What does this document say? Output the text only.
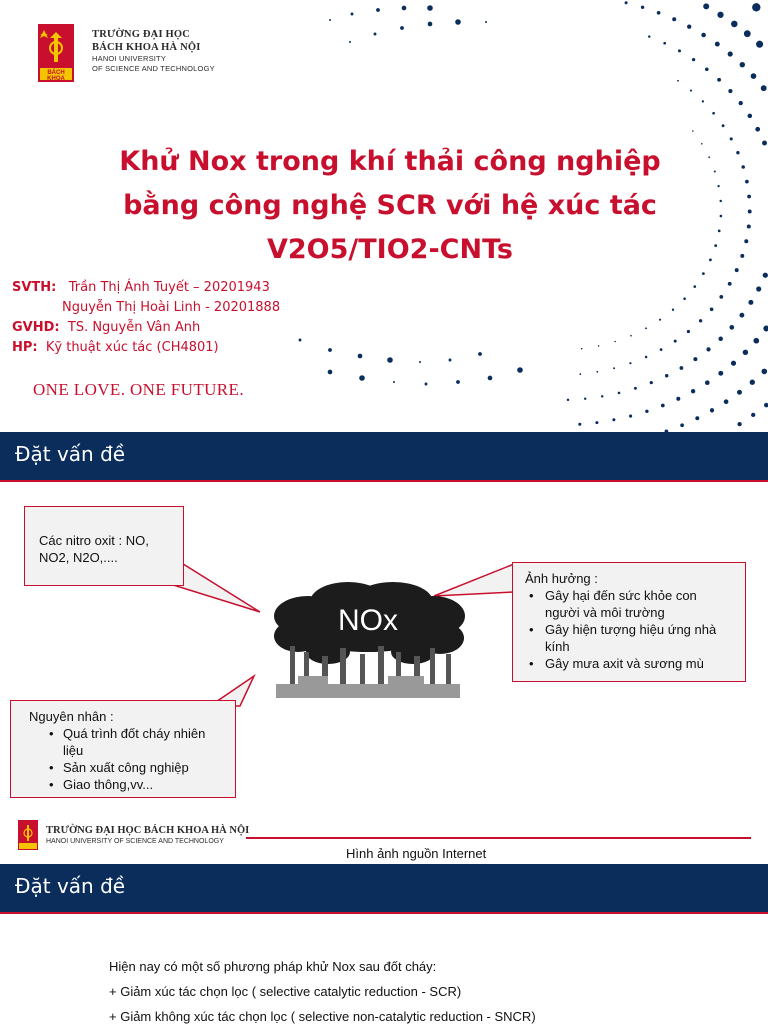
BÁCH KHOA
TRƯỜNG ĐẠI HỌC
BÁCH KHOA HÀ NỘI
HANOI UNIVERSITY
OF SCIENCE AND TECHNOLOGY
Khử Nox trong khí thải công nghiệp
bằng công nghệ SCR với hệ xúc tác
V2O5/TIO2-CNTs
SVTH: Trần Thị Ánh Tuyết – 20201943
Nguyễn Thị Hoài Linh - 20201888
GVHD: TS. Nguyễn Vân Anh
HP: Kỹ thuật xúc tác (CH4801)
ONE LOVE. ONE FUTURE.
Đặt vấn đề
Các nitro oxit : NO, NO2, N2O,....
Ảnh hưởng :
• Gây hại đến sức khỏe con người và môi trường
• Gây hiện tượng hiệu ứng nhà kính
• Gây mưa axit và sương mù
Nguyên nhân :
• Quá trình đốt cháy nhiên liệu
• Sản xuất công nghiệp
• Giao thông,vv...
NOx
TRƯỜNG ĐẠI HỌC BÁCH KHOA HÀ NỘI
HANOI UNIVERSITY OF SCIENCE AND TECHNOLOGY
Hình ảnh nguồn Internet
Đặt vấn đề
Hiện nay có một số phương pháp khử Nox sau đốt cháy:
+ Giảm xúc tác chọn lọc ( selective catalytic reduction - SCR)
+ Giảm không xúc tác chọn lọc ( selective non-catalytic reduction - SNCR)
